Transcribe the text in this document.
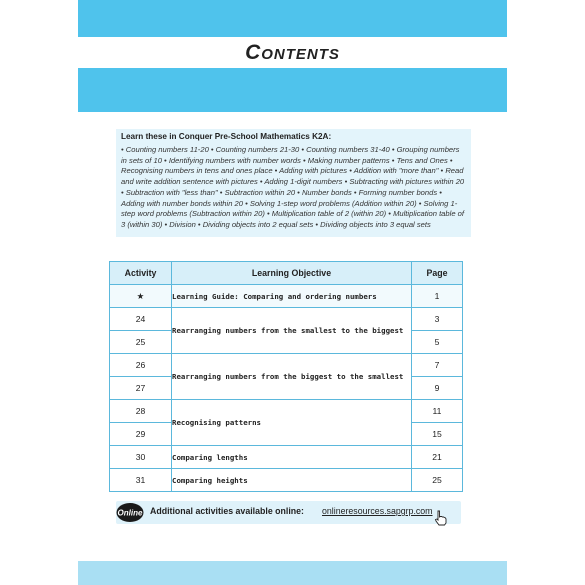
Contents
Learn these in Conquer Pre-School Mathematics K2A:
• Counting numbers 11-20 • Counting numbers 21-30 • Counting numbers 31-40 • Grouping numbers in sets of 10 • Identifying numbers with number words • Making number patterns • Tens and Ones • Recognising numbers in tens and ones place • Adding with pictures • Addition with "more than" • Read and write addition sentence with pictures • Adding 1-digit numbers • Subtracting with pictures within 20 • Subtraction with "less than" • Subtraction within 20 • Number bonds • Forming number bonds • Adding with number bonds within 20 • Solving 1-step word problems (Addition within 20) • Solving 1-step word problems (Subtraction within 20) • Multiplication table of 2 (within 20) • Multiplication table of 3 (within 30) • Division • Dividing objects into 2 equal sets • Dividing objects into 3 equal sets
Activity	Learning Objective	Page
★	Learning Guide: Comparing and ordering numbers	1
24	Rearranging numbers from the smallest to the biggest	3
25		5
26	Rearranging numbers from the biggest to the smallest	7
27		9
28	Recognising patterns	11
29		15
30	Comparing lengths	21
31	Comparing heights	25
Online Additional activities available online: onlineresources.sapgrp.com
